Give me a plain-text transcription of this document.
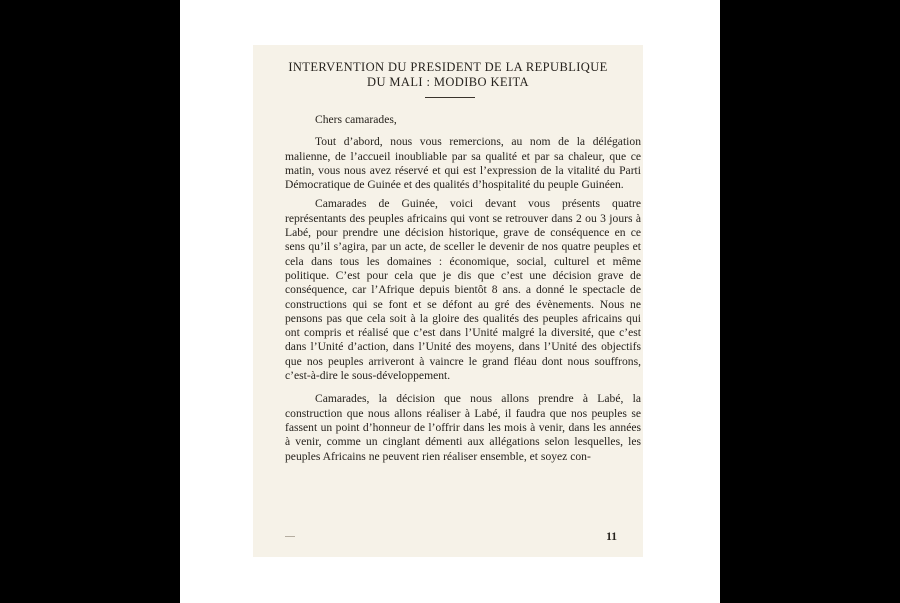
INTERVENTION DU PRESIDENT DE LA REPUBLIQUE
DU MALI : MODIBO KEITA

Chers camarades,

Tout d’abord, nous vous remercions, au nom de la délégation malienne, de l’accueil inoubliable par sa qualité et par sa chaleur, que ce matin, vous nous avez réservé et qui est l’expression de la vitalité du Parti Démocratique de Guinée et des qualités d’hospitalité du peuple Guinéen.

Camarades de Guinée, voici devant vous présents quatre représentants des peuples africains qui vont se retrouver dans 2 ou 3 jours à Labé, pour prendre une décision historique, grave de conséquence en ce sens qu’il s’agira, par un acte, de sceller le devenir de nos quatre peuples et cela dans tous les domaines : économique, social, culturel et même politique. C’est pour cela que je dis que c’est une décision grave de conséquence, car l’Afrique depuis bientôt 8 ans. a donné le spectacle de constructions qui se font et se défont au gré des évènements. Nous ne pensons pas que cela soit à la gloire des qualités des peuples africains qui ont compris et réalisé que c’est dans l’Unité malgré la diversité, que c’est dans l’Unité d’action, dans l’Unité des moyens, dans l’Unité des objectifs que nos peuples arriveront à vaincre le grand fléau dont nous souffrons, c’est-à-dire le sous-développement.

Camarades, la décision que nous allons prendre à Labé, la construction que nous allons réaliser à Labé, il faudra que nos peuples se fassent un point d’honneur de l’offrir dans les mois à venir, dans les années à venir, comme un cinglant démenti aux allégations selon lesquelles, les peuples Africains ne peuvent rien réaliser ensemble, et soyez con-

11
